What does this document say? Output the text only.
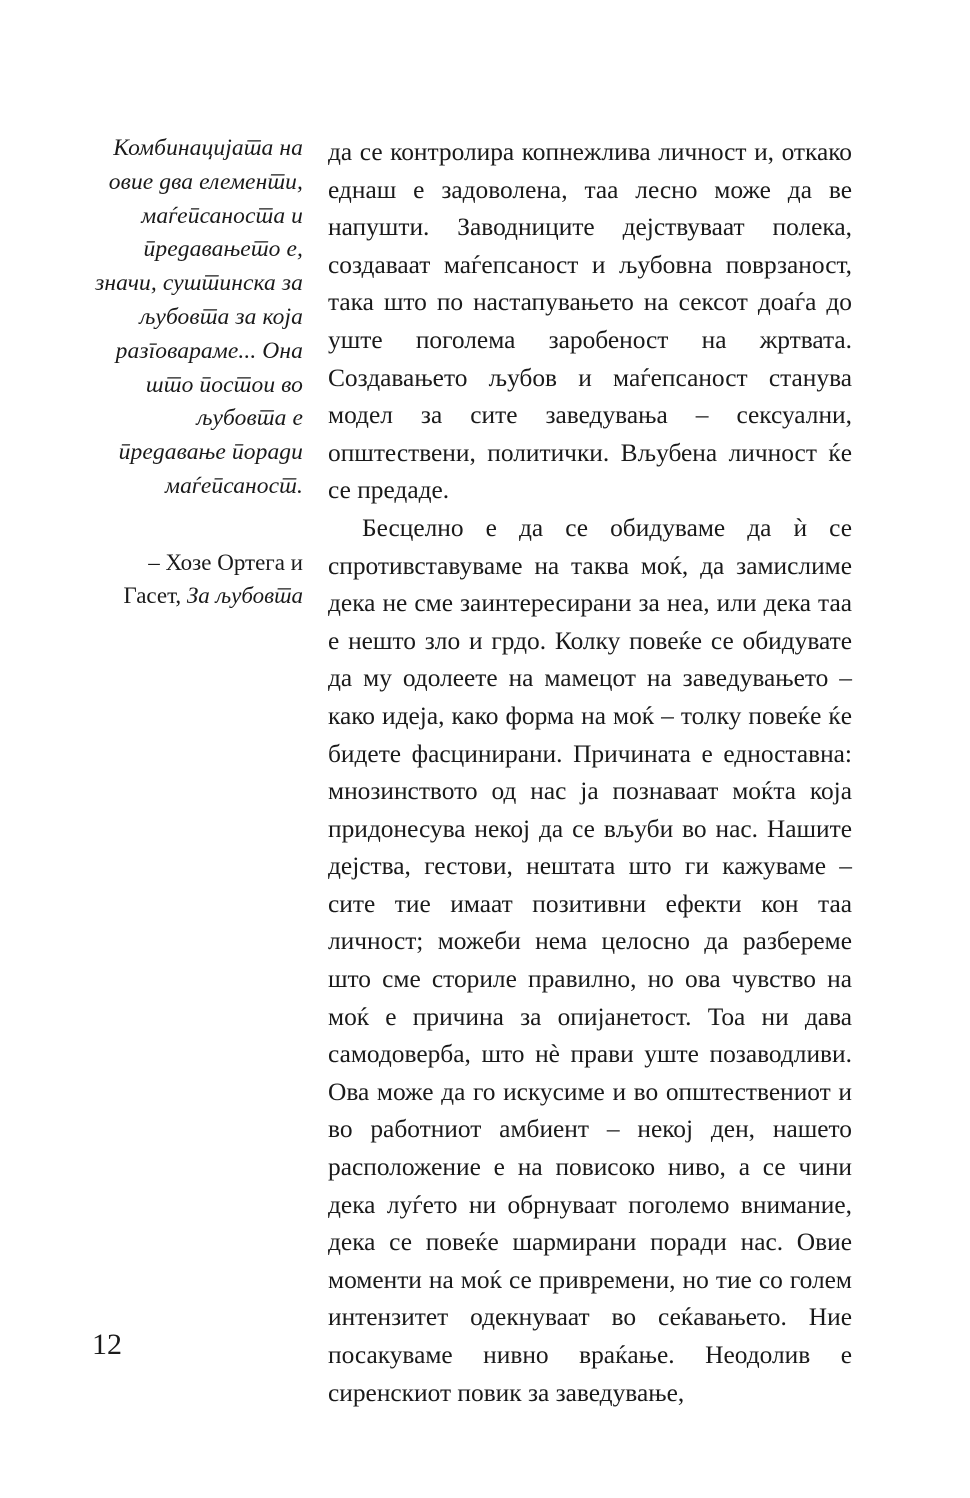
Комбинацијата на овие два елементи, маѓепсаноста и предавањето е, значи, суштинска за љубовта за која разговараме... Она што постои во љубовта е предавање поради маѓепсаност.

– Хозе Ортега и Гасет, За љубовта

да се контролира копнежлива личност и, откако еднаш е задоволена, таа лесно може да ве напушти. Заводниците дејствуваат полека, создаваат маѓепсаност и љубовна поврзаност, така што по настапувањето на сексот доаѓа до уште поголема заробеност на жртвата. Создавањето љубов и маѓепсаност станува модел за сите заведувања – сексуални, општествени, политички. Вљубена личност ќе се предаде.

Бесцелно е да се обидуваме да ѝ се спротивставуваме на таква моќ, да замислиме дека не сме заинтересирани за неа, или дека таа е нешто зло и грдо. Колку повеќе се обидувате да му одолеете на мамецот на заведувањето – како идеја, како форма на моќ – толку повеќе ќе бидете фасцинирани. Причината е едноставна: мнозинството од нас ја познаваат моќта која придонесува некој да се вљуби во нас. Нашите дејства, гестови, нештата што ги кажуваме – сите тие имаат позитивни ефекти кон таа личност; можеби нема целосно да разбереме што сме сториле правилно, но ова чувство на моќ е причина за опијанетост. Тоа ни дава самодоверба, што нѐ прави уште позаводливи. Ова може да го искусиме и во општествениот и во работниот амбиент – некој ден, нашето расположение е на повисоко ниво, а се чини дека луѓето ни обрнуваат поголемо внимание, дека се повеќе шармирани поради нас. Овие моменти на моќ се привремени, но тие со голем интензитет одекнуваат во сеќавањето. Ние посакуваме нивно враќање. Неодолив е сиренскиот повик за заведување,

12
